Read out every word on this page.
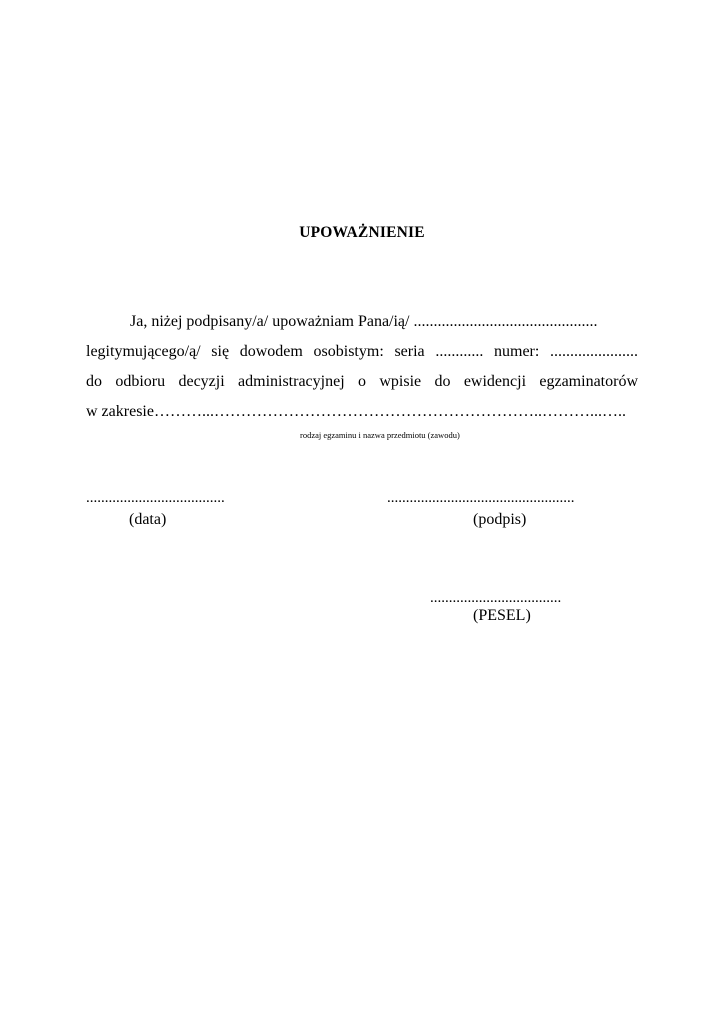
UPOWAŻNIENIE
Ja, niżej podpisany/a/ upoważniam Pana/ią/ ..............................................
legitymującego/ą/ się dowodem osobistym: seria ............ numer: ......................
do odbioru decyzji administracyjnej o wpisie do ewidencji egzaminatorów
w zakresie………...……………………………………………………..………...…..
rodzaj egzaminu i nazwa przedmiotu (zawodu)
.....................................
(data)
..................................................
(podpis)
...................................
(PESEL)
